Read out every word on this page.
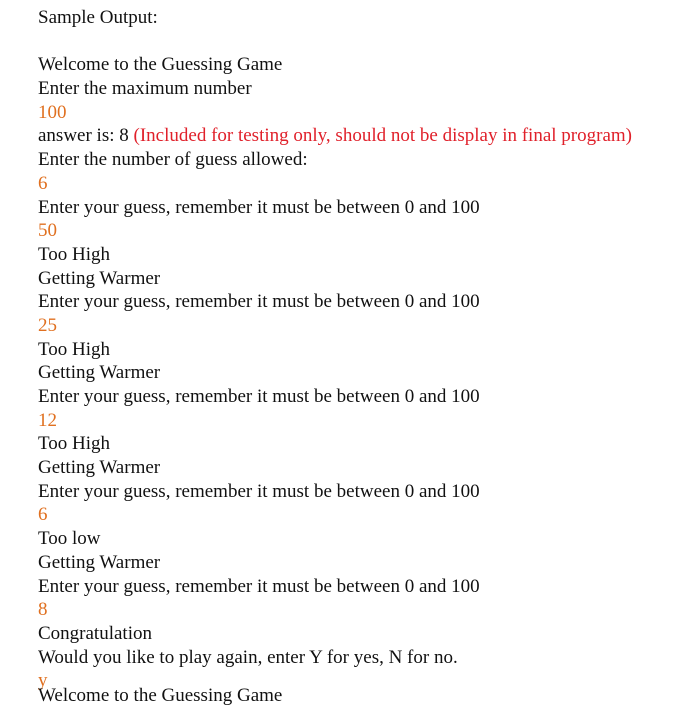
Sample Output:
Welcome to the Guessing Game
Enter the maximum number
100
answer is: 8 (Included for testing only, should not be display in final program)
Enter the number of guess allowed:
6
Enter your guess, remember it must be between 0 and 100
50
Too High
Getting Warmer
Enter your guess, remember it must be between 0 and 100
25
Too High
Getting Warmer
Enter your guess, remember it must be between 0 and 100
12
Too High
Getting Warmer
Enter your guess, remember it must be between 0 and 100
6
Too low
Getting Warmer
Enter your guess, remember it must be between 0 and 100
8
Congratulation
Would you like to play again, enter Y for yes, N for no.
y
Welcome to the Guessing Game
